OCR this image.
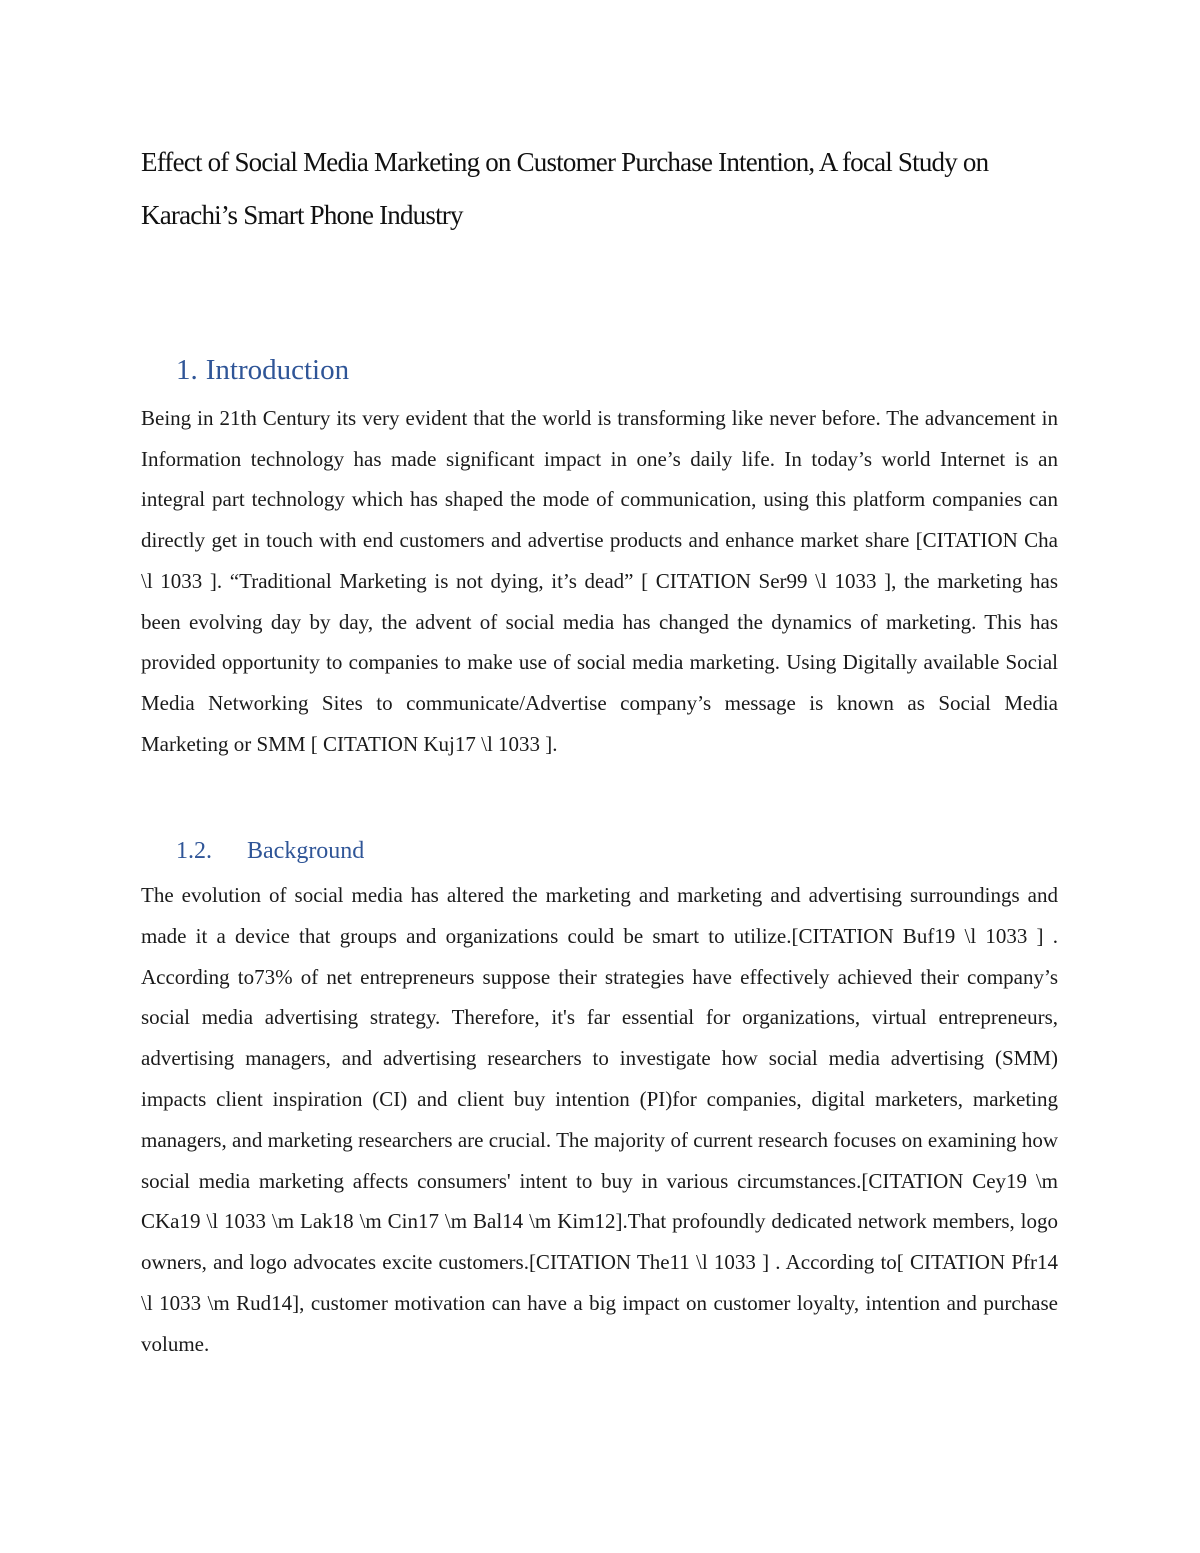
Effect of Social Media Marketing on Customer Purchase Intention, A focal Study on Karachi’s Smart Phone Industry
1. Introduction
Being in 21th Century its very evident that the world is transforming like never before. The advancement in Information technology has made significant impact in one’s daily life. In today’s world Internet is an integral part technology which has shaped the mode of communication, using this platform companies can directly get in touch with end customers and advertise products and enhance market share [CITATION Cha \l 1033 ]. “Traditional Marketing is not dying, it’s dead” [ CITATION Ser99 \l 1033 ], the marketing has been evolving day by day, the advent of social media has changed the dynamics of marketing. This has provided opportunity to companies to make use of social media marketing. Using Digitally available Social Media Networking Sites to communicate/Advertise company’s message is known as Social Media Marketing or SMM [ CITATION Kuj17 \l 1033 ].
1.2. Background
The evolution of social media has altered the marketing and marketing and advertising surroundings and made it a device that groups and organizations could be smart to utilize.[CITATION Buf19 \l 1033 ] . According to73% of net entrepreneurs suppose their strategies have effectively achieved their company’s social media advertising strategy. Therefore, it's far essential for organizations, virtual entrepreneurs, advertising managers, and advertising researchers to investigate how social media advertising (SMM) impacts client inspiration (CI) and client buy intention (PI)for companies, digital marketers, marketing managers, and marketing researchers are crucial. The majority of current research focuses on examining how social media marketing affects consumers' intent to buy in various circumstances.[CITATION Cey19 \m CKa19 \l 1033 \m Lak18 \m Cin17 \m Bal14 \m Kim12].That profoundly dedicated network members, logo owners, and logo advocates excite customers.[CITATION The11 \l 1033 ] . According to[ CITATION Pfr14 \l 1033 \m Rud14], customer motivation can have a big impact on customer loyalty, intention and purchase volume.
